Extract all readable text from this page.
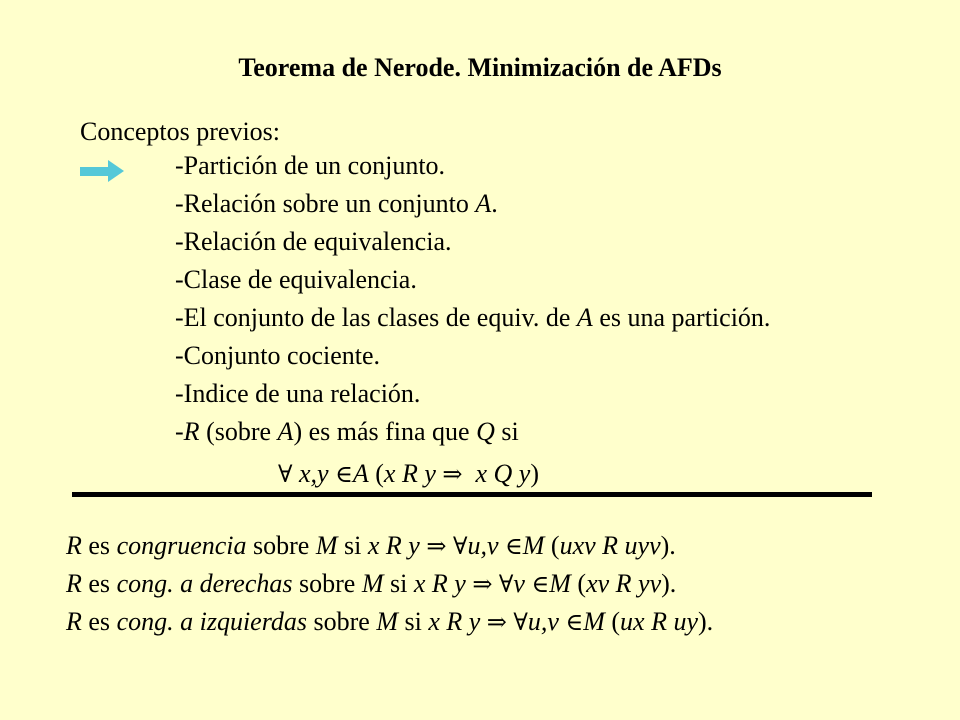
Teorema de Nerode. Minimización de AFDs
Conceptos previos:
-Partición de un conjunto.
-Relación sobre un conjunto A.
-Relación de equivalencia.
-Clase de equivalencia.
-El conjunto de las clases de equiv. de A es una partición.
-Conjunto cociente.
-Indice de una relación.
-R (sobre A) es más fina que Q si
∀ x,y ∈A (x R y ⇒ x Q y)
R es congruencia sobre M si x R y ⇒ ∀u,v ∈M (uxv R uyv).
R es cong. a derechas sobre M si x R y ⇒ ∀v ∈M (xv R yv).
R es cong. a izquierdas sobre M si x R y ⇒ ∀u,v ∈M (ux R uy).
